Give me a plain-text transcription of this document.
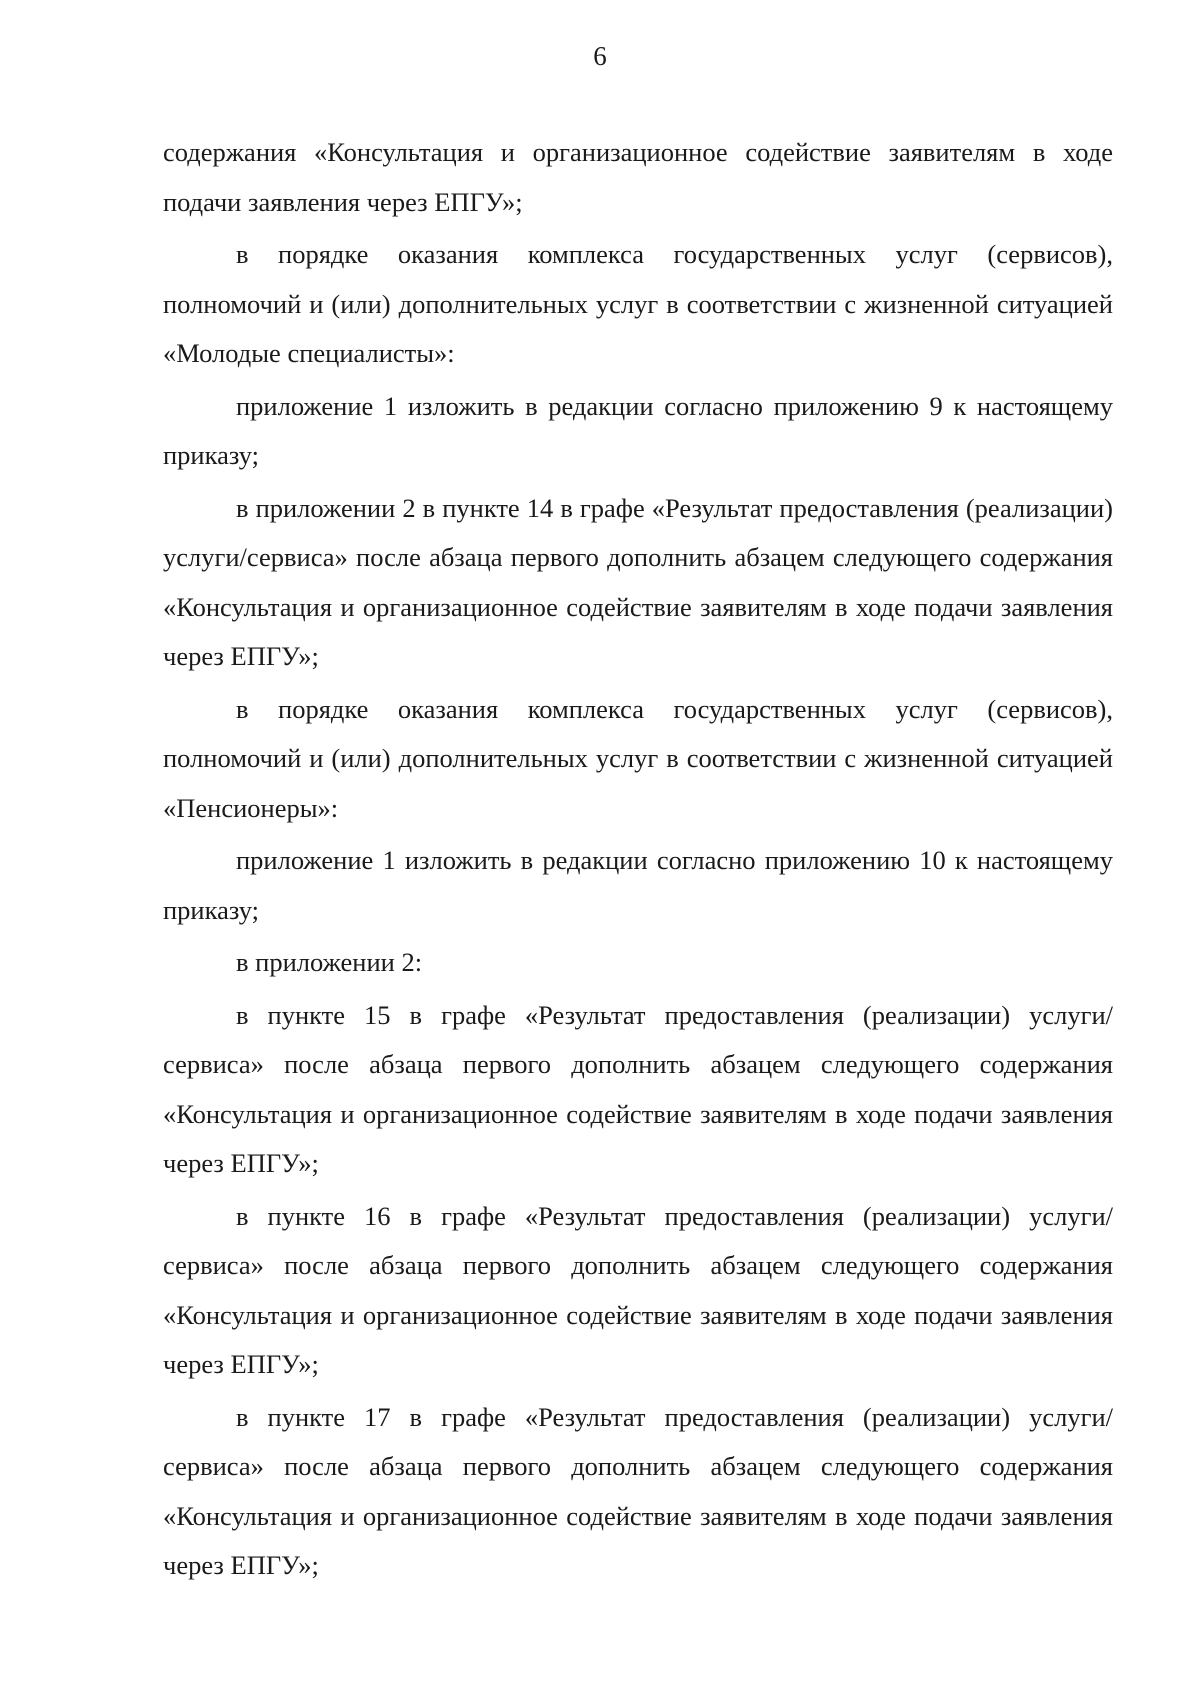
6

содержания «Консультация и организационное содействие заявителям в ходе подачи заявления через ЕПГУ»;

в порядке оказания комплекса государственных услуг (сервисов), полномочий и (или) дополнительных услуг в соответствии с жизненной ситуацией «Молодые специалисты»:

приложение 1 изложить в редакции согласно приложению 9 к настоящему приказу;

в приложении 2 в пункте 14 в графе «Результат предоставления (реализации) услуги/сервиса» после абзаца первого дополнить абзацем следующего содержания «Консультация и организационное содействие заявителям в ходе подачи заявления через ЕПГУ»;

в порядке оказания комплекса государственных услуг (сервисов), полномочий и (или) дополнительных услуг в соответствии с жизненной ситуацией «Пенсионеры»:

приложение 1 изложить в редакции согласно приложению 10 к настоящему приказу;

в приложении 2:

в пункте 15 в графе «Результат предоставления (реализации) услуги/сервиса» после абзаца первого дополнить абзацем следующего содержания «Консультация и организационное содействие заявителям в ходе подачи заявления через ЕПГУ»;

в пункте 16 в графе «Результат предоставления (реализации) услуги/сервиса» после абзаца первого дополнить абзацем следующего содержания «Консультация и организационное содействие заявителям в ходе подачи заявления через ЕПГУ»;

в пункте 17 в графе «Результат предоставления (реализации) услуги/сервиса» после абзаца первого дополнить абзацем следующего содержания «Консультация и организационное содействие заявителям в ходе подачи заявления через ЕПГУ»;
